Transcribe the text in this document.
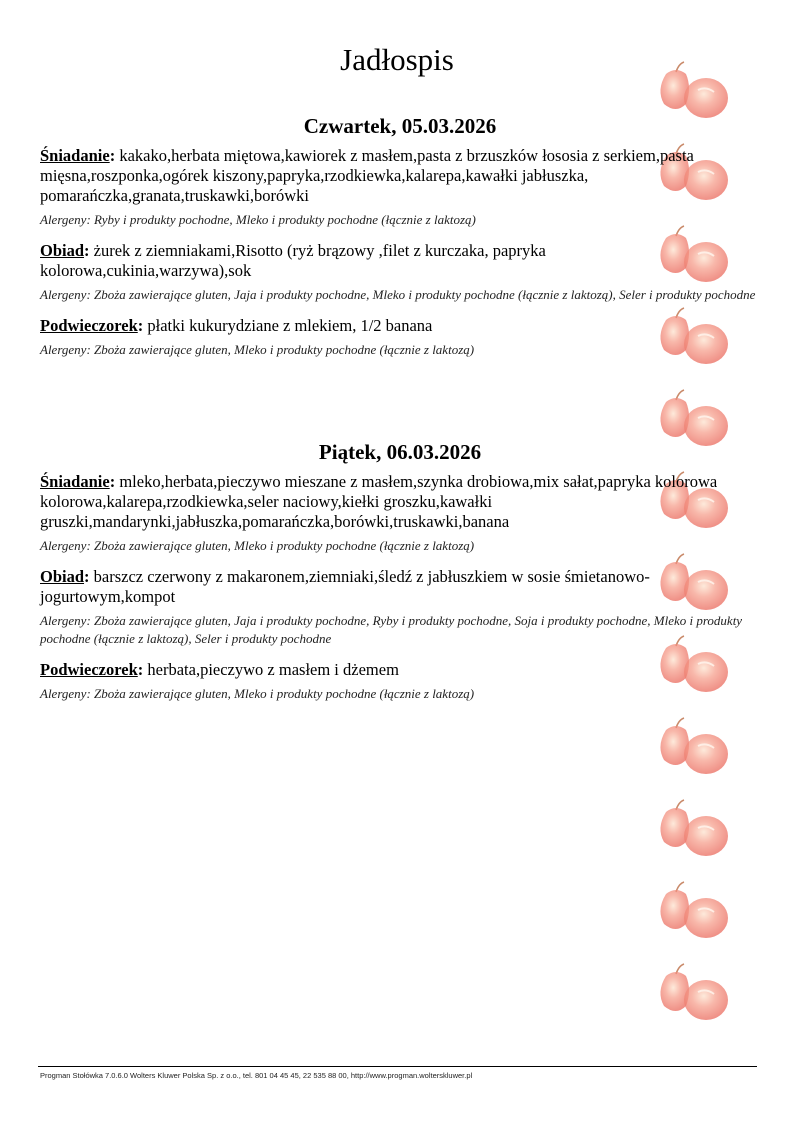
Jadłospis
Czwartek, 05.03.2026
Śniadanie: kakako,herbata miętowa,kawiorek z masłem,pasta z brzuszków łososia z serkiem,pasta mięsna,roszponka,ogórek kiszony,papryka,rzodkiewka,kalarepa,kawałki jabłuszka, pomarańczka,granata,truskawki,borówki
Alergeny: Ryby i produkty pochodne, Mleko i produkty pochodne (łącznie z laktozą)
Obiad: żurek z ziemniakami,Risotto (ryż brązowy ,filet z kurczaka, papryka kolorowa,cukinia,warzywa),sok
Alergeny: Zboża zawierające gluten, Jaja i produkty pochodne, Mleko i produkty pochodne (łącznie z laktozą), Seler i produkty pochodne
Podwieczorek: płatki kukurydziane z mlekiem, 1/2 banana
Alergeny: Zboża zawierające gluten, Mleko i produkty pochodne (łącznie z laktozą)
Piątek, 06.03.2026
Śniadanie: mleko,herbata,pieczywo mieszane z masłem,szynka drobiowa,mix sałat,papryka kolorowa kolorowa,kalarepa,rzodkiewka,seler naciowy,kiełki groszku,kawałki gruszki,mandarynki,jabłuszka,pomarańczka,borówki,truskawki,banana
Alergeny: Zboża zawierające gluten, Mleko i produkty pochodne (łącznie z laktozą)
Obiad: barszcz czerwony z makaronem,ziemniaki,śledź z jabłuszkiem w sosie śmietanowo-jogurtowym,kompot
Alergeny: Zboża zawierające gluten, Jaja i produkty pochodne, Ryby i produkty pochodne, Soja i produkty pochodne, Mleko i produkty pochodne (łącznie z laktozą), Seler i produkty pochodne
Podwieczorek: herbata,pieczywo z masłem i dżemem
Alergeny: Zboża zawierające gluten, Mleko i produkty pochodne (łącznie z laktozą)
Progman Stołówka 7.0.6.0 Wolters Kluwer Polska Sp. z o.o., tel. 801 04 45 45, 22 535 88 00, http://www.progman.wolterskluwer.pl
